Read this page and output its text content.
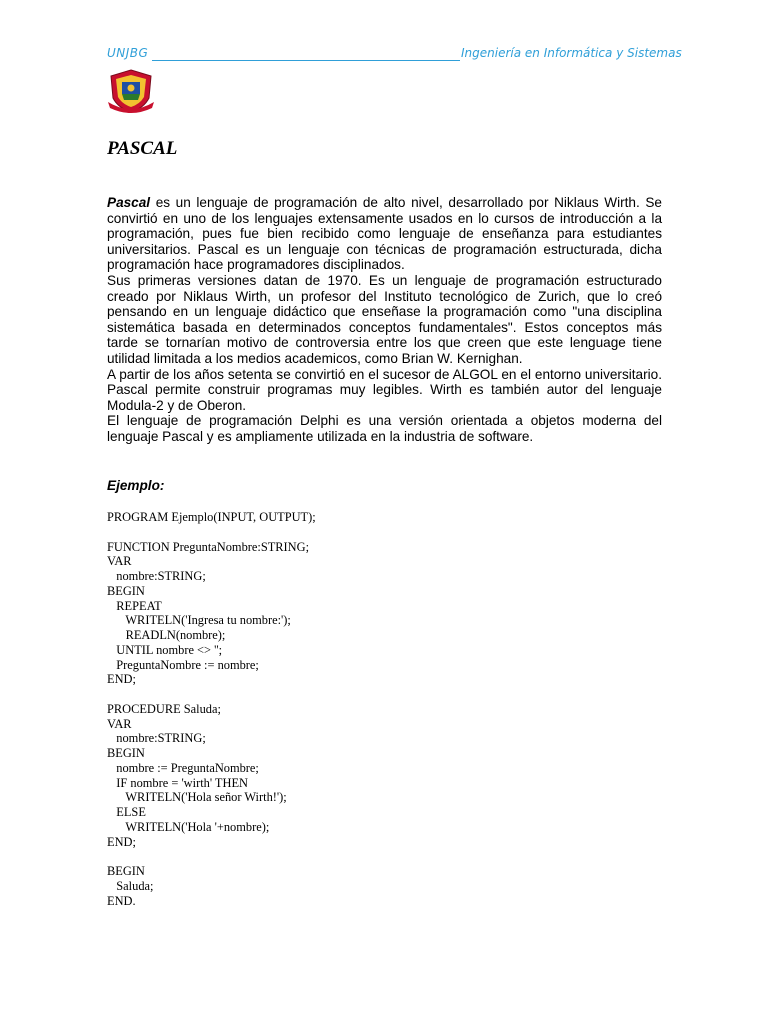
UNJBG	Ingeniería en Informática y Sistemas
PASCAL

Pascal es un lenguaje de programación de alto nivel, desarrollado por Niklaus Wirth. Se convirtió en uno de los lenguajes extensamente usados en lo cursos de introducción a la programación, pues fue bien recibido como lenguaje de enseñanza para estudiantes universitarios. Pascal es un lenguaje con técnicas de programación estructurada, dicha programación hace programadores disciplinados.

Sus primeras versiones datan de 1970. Es un lenguaje de programación estructurado creado por Niklaus Wirth, un profesor del Instituto tecnológico de Zurich, que lo creó pensando en un lenguaje didáctico que enseñase la programación como "una disciplina sistemática basada en determinados conceptos fundamentales". Estos conceptos más tarde se tornarían motivo de controversia entre los que creen que este lenguage tiene utilidad limitada a los medios academicos, como Brian W. Kernighan.

A partir de los años setenta se convirtió en el sucesor de ALGOL en el entorno universitario. Pascal permite construir programas muy legibles. Wirth es también autor del lenguaje Modula-2 y de Oberon.

El lenguaje de programación Delphi es una versión orientada a objetos moderna del lenguaje Pascal y es ampliamente utilizada en la industria de software.

Ejemplo:
PROGRAM Ejemplo(INPUT, OUTPUT);
FUNCTION PreguntaNombre:STRING;
VAR
nombre:STRING;
BEGIN
REPEAT
WRITELN('Ingresa tu nombre:');
READLN(nombre);
UNTIL nombre <> '';
PreguntaNombre := nombre;
END;
PROCEDURE Saluda;
VAR
nombre:STRING;
BEGIN
nombre := PreguntaNombre;
IF nombre = 'wirth' THEN
WRITELN('Hola señor Wirth!');
ELSE
WRITELN('Hola '+nombre);
END;
BEGIN
Saluda;
END.
